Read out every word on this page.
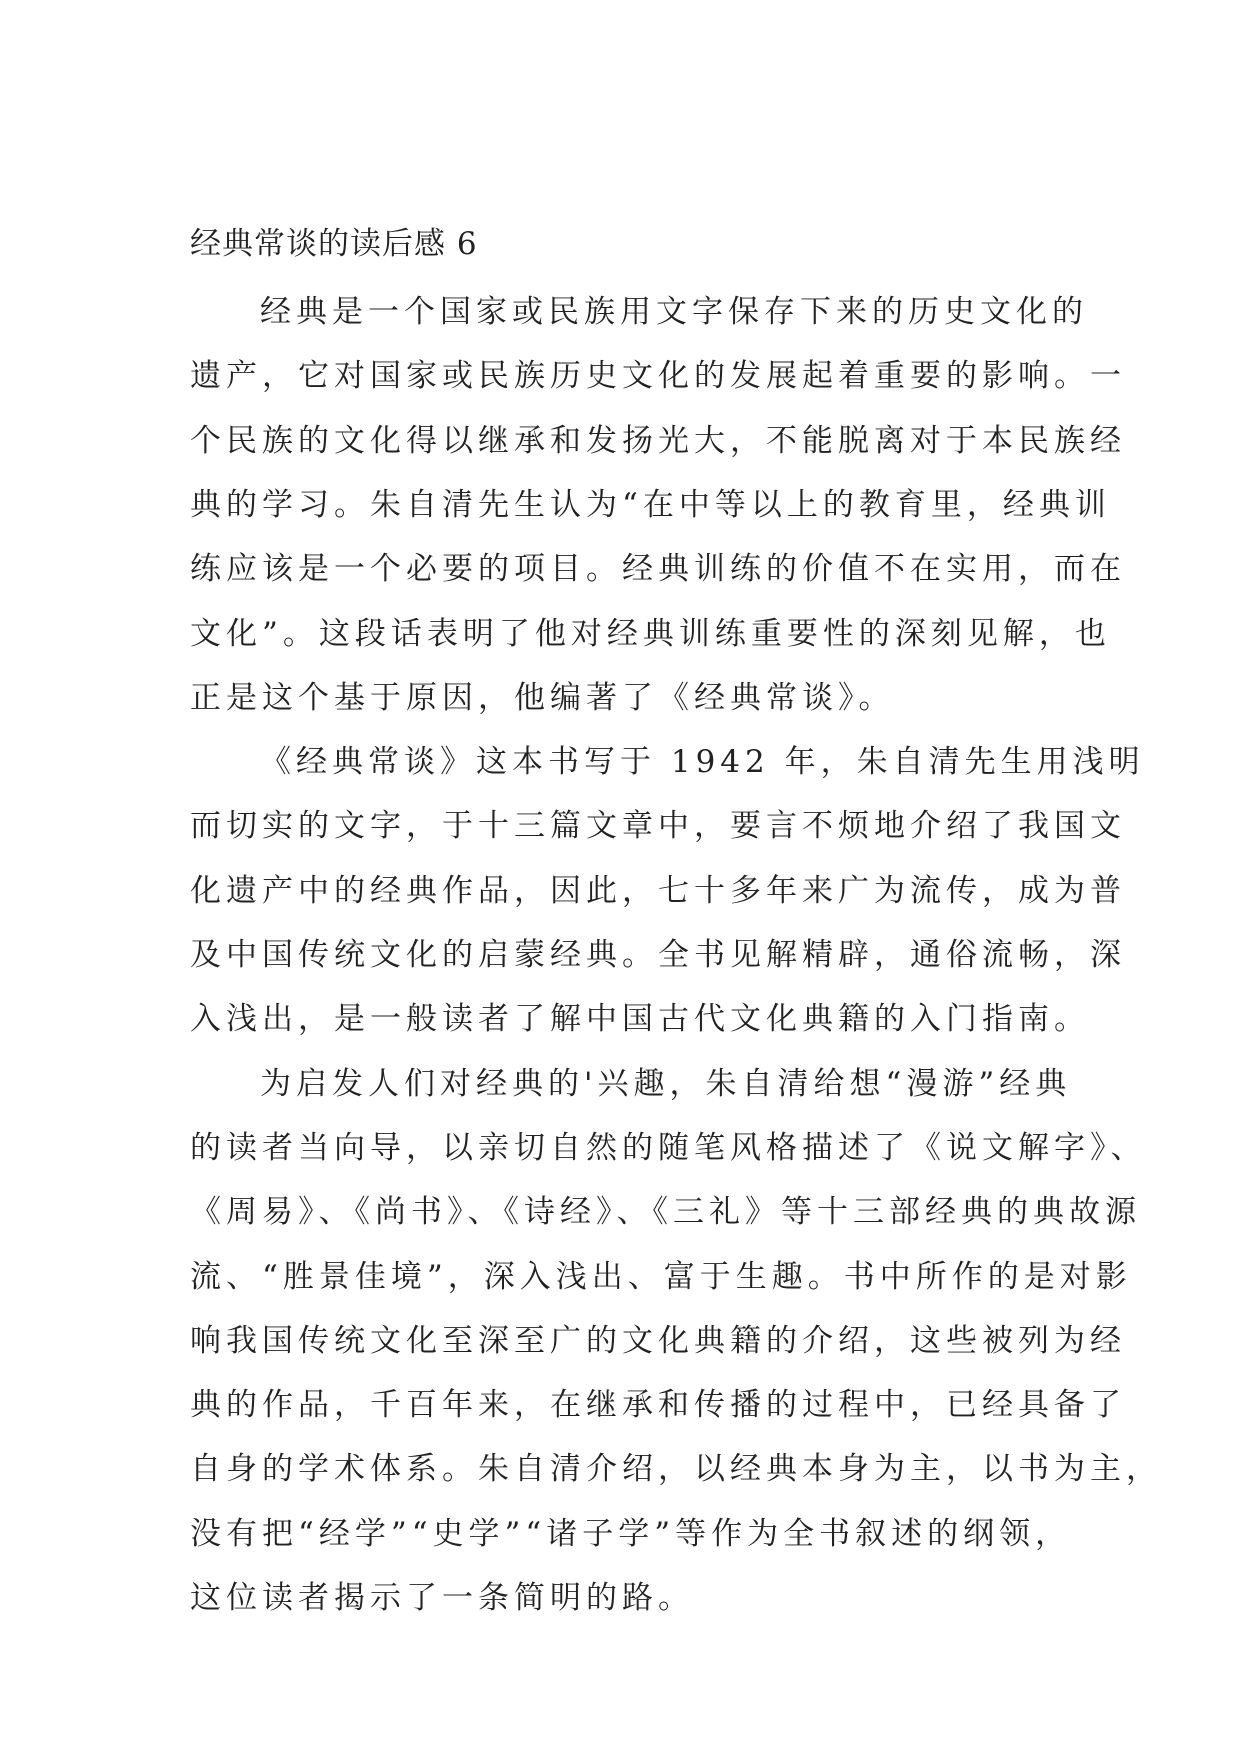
经典常谈的读后感 6
经典是一个国家或民族用文字保存下来的历史文化的
遗产，它对国家或民族历史文化的发展起着重要的影响。一
个民族的文化得以继承和发扬光大，不能脱离对于本民族经
典的学习。朱自清先生认为“在中等以上的教育里，经典训
练应该是一个必要的项目。经典训练的价值不在实用，而在
文化”。这段话表明了他对经典训练重要性的深刻见解，也
正是这个基于原因，他编著了《经典常谈》。
《经典常谈》这本书写于 1942 年，朱自清先生用浅明
而切实的文字，于十三篇文章中，要言不烦地介绍了我国文
化遗产中的经典作品，因此，七十多年来广为流传，成为普
及中国传统文化的启蒙经典。全书见解精辟，通俗流畅，深
入浅出，是一般读者了解中国古代文化典籍的入门指南。
为启发人们对经典的'兴趣，朱自清给想“漫游”经典
的读者当向导，以亲切自然的随笔风格描述了《说文解字》、
《周易》、《尚书》、《诗经》、《三礼》等十三部经典的典故源
流、“胜景佳境”，深入浅出、富于生趣。书中所作的是对影
响我国传统文化至深至广的文化典籍的介绍，这些被列为经
典的作品，千百年来，在继承和传播的过程中，已经具备了
自身的学术体系。朱自清介绍，以经典本身为主，以书为主，
没有把“经学”“史学”“诸子学”等作为全书叙述的纲领，
这位读者揭示了一条简明的路。
